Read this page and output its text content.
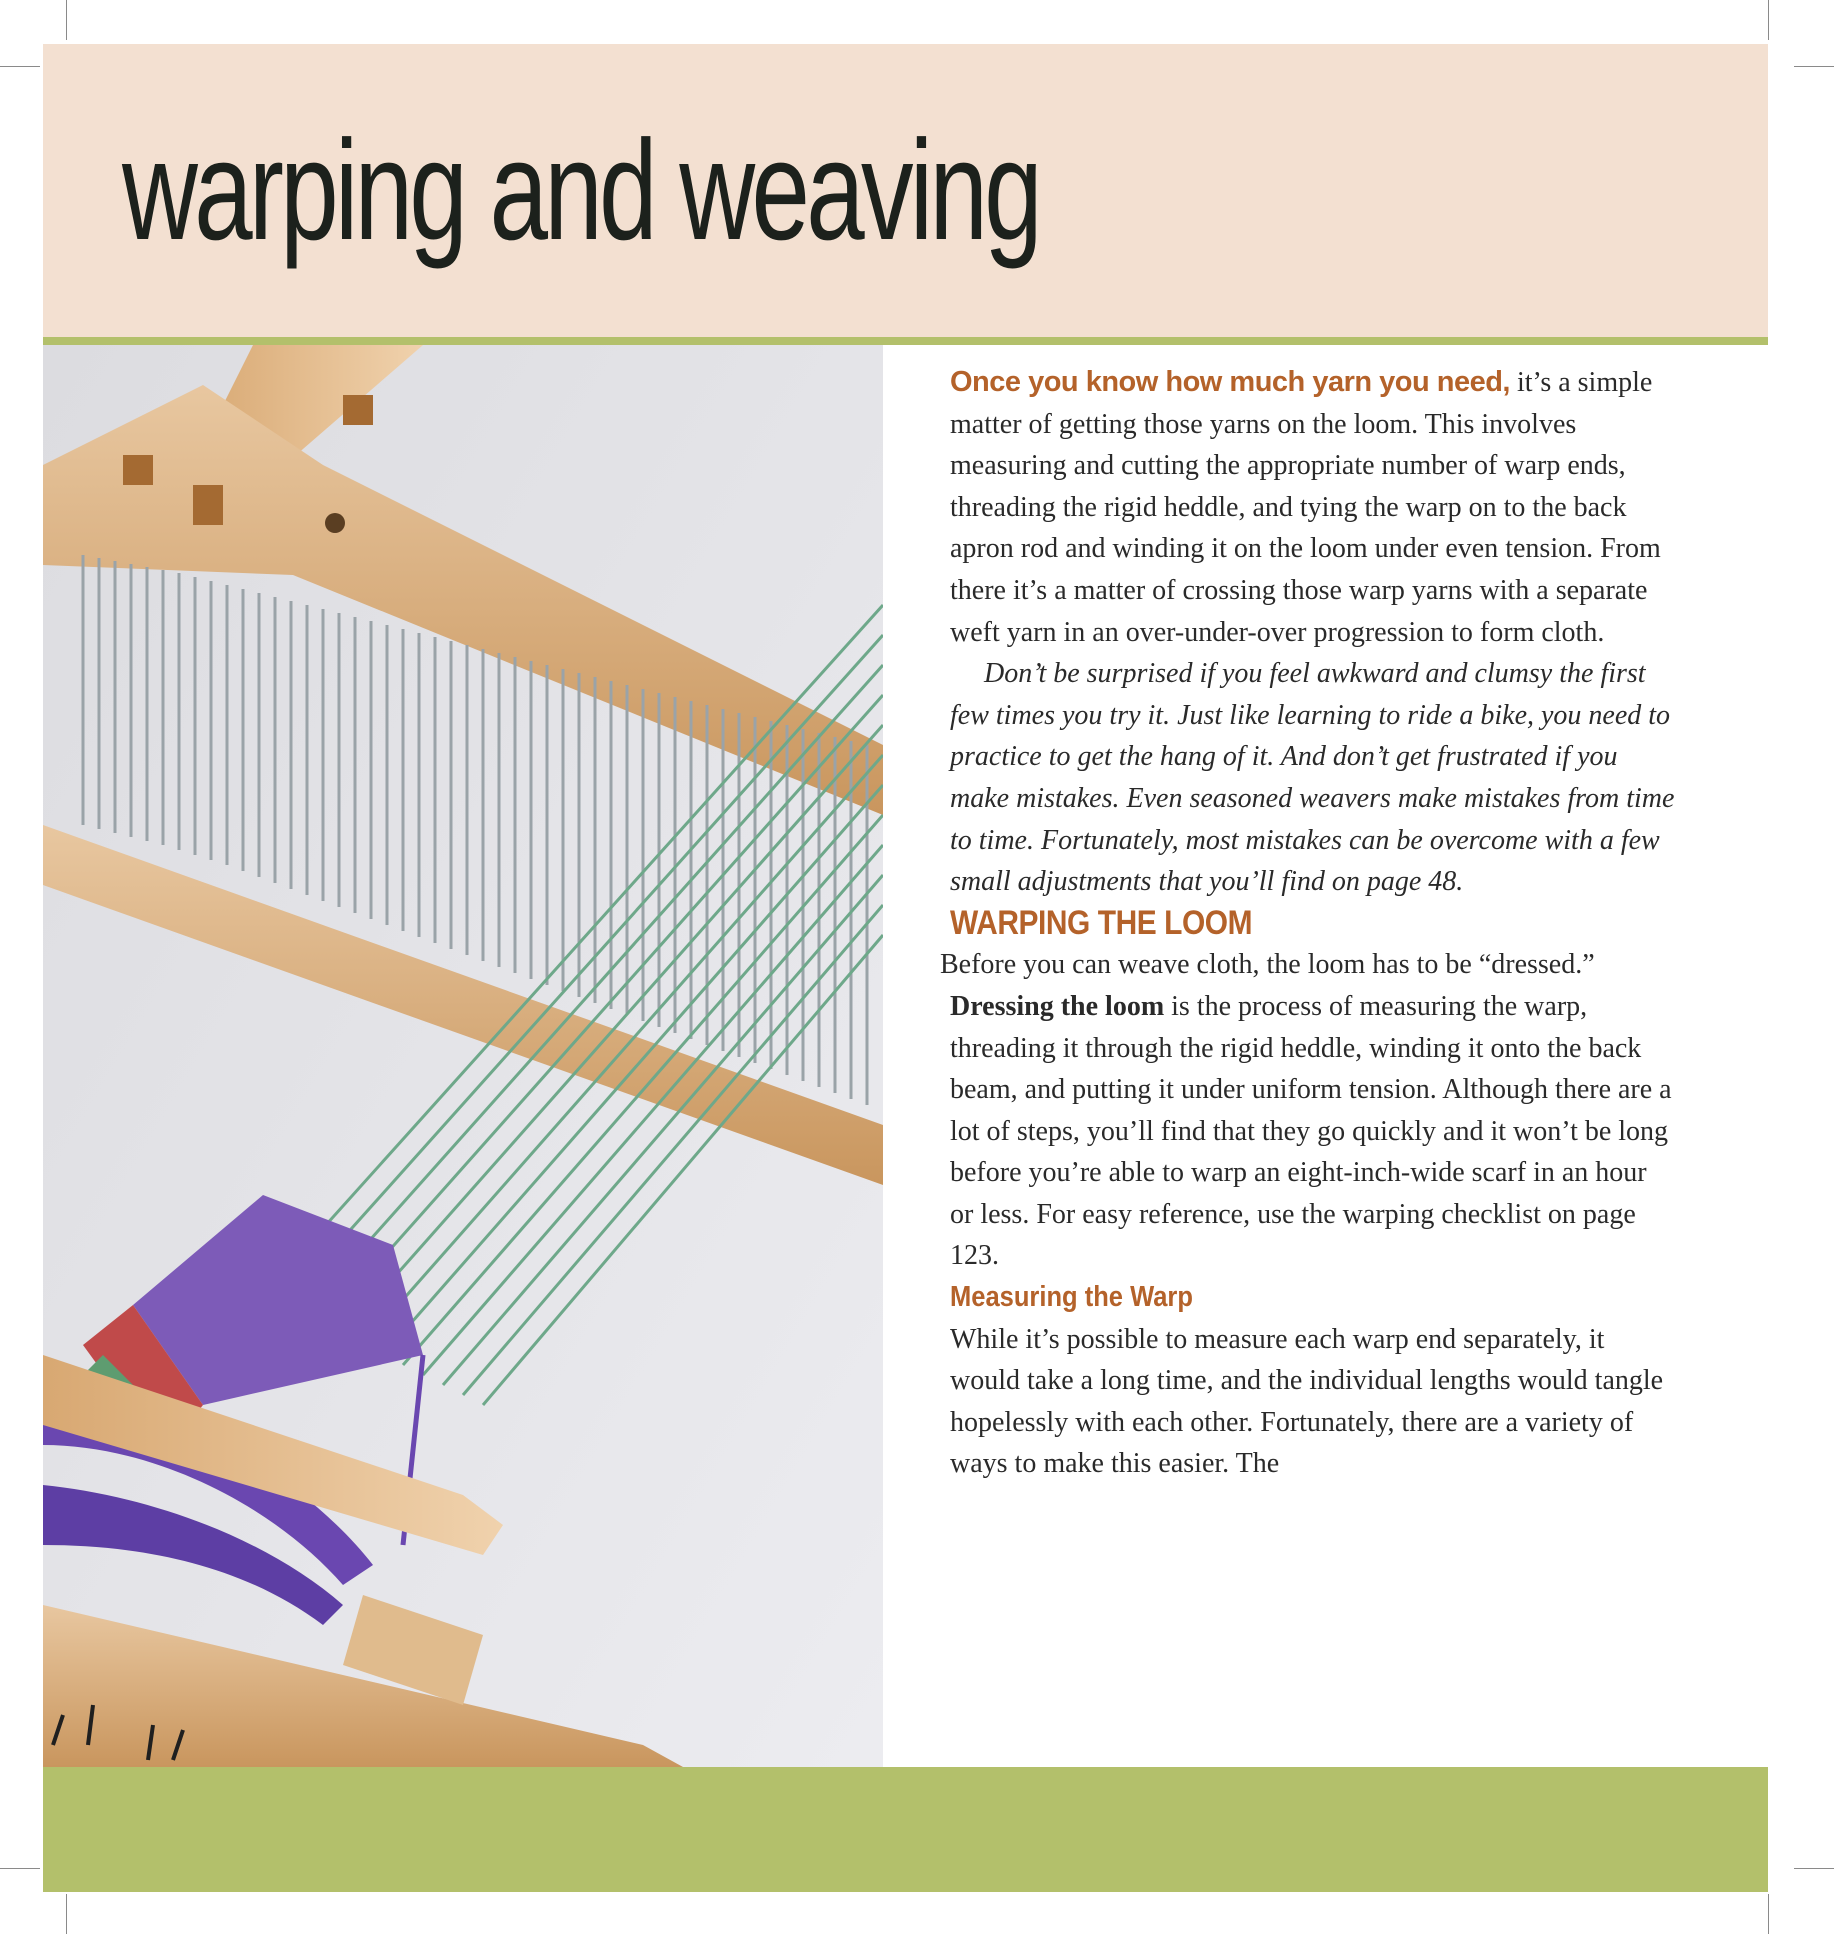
warping and weaving

Once you know how much yarn you need, it’s a simple matter of getting those yarns on the loom. This involves measuring and cutting the appropriate number of warp ends, threading the rigid heddle, and tying the warp on to the back apron rod and winding it on the loom under even tension. From there it’s a matter of crossing those warp yarns with a separate weft yarn in an over-under-over progression to form cloth.

Don’t be surprised if you feel awkward and clumsy the first few times you try it. Just like learning to ride a bike, you need to practice to get the hang of it. And don’t get frustrated if you make mistakes. Even seasoned weavers make mistakes from time to time. Fortunately, most mistakes can be overcome with a few small adjustments that you’ll find on page 48.

WARPING THE LOOM

Before you can weave cloth, the loom has to be “dressed.” Dressing the loom is the process of measuring the warp, threading it through the rigid heddle, winding it onto the back beam, and putting it under uniform tension. Although there are a lot of steps, you’ll find that they go quickly and it won’t be long before you’re able to warp an eight-inch-wide scarf in an hour or less. For easy reference, use the warping checklist on page 123.

Measuring the Warp

While it’s possible to measure each warp end separately, it would take a long time, and the individual lengths would tangle hopelessly with each other. Fortunately, there are a variety of ways to make this easier. The
